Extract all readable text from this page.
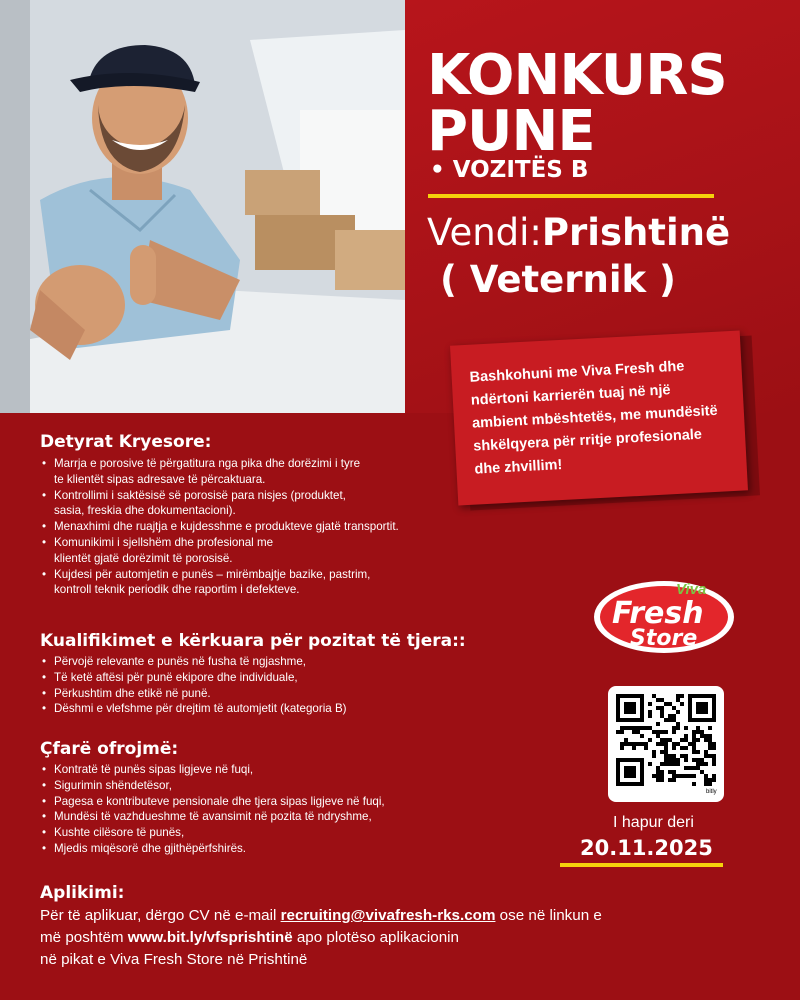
KONKURS
PUNE
• VOZITËS B
Vendi:Prishtinë
( Veternik )
Bashkohuni me Viva Fresh dhe ndërtoni karrierën tuaj në një ambient mbështetës, me mundësitë shkëlqyera për rritje profesionale dhe zhvillim!
Detyrat Kryesore:
• Marrja e porosive të përgatitura nga pika dhe dorëzimi i tyre te klientët sipas adresave të përcaktuara.
• Kontrollimi i saktësisë së porosisë para nisjes (produktet, sasia, freskia dhe dokumentacioni).
• Menaxhimi dhe ruajtja e kujdesshme e produkteve gjatë transportit.
• Komunikimi i sjellshëm dhe profesional me klientët gjatë dorëzimit të porosisë.
• Kujdesi për automjetin e punës – mirëmbajtje bazike, pastrim, kontroll teknik periodik dhe raportim i defekteve.
Kualifikimet e kërkuara për pozitat të tjera::
• Përvojë relevante e punës në fusha të ngjashme,
• Të ketë aftësi për punë ekipore dhe individuale,
• Përkushtim dhe etikë në punë.
• Dëshmi e vlefshme për drejtim të automjetit (kategoria B)
Çfarë ofrojmë:
• Kontratë të punës sipas ligjeve në fuqi,
• Sigurimin shëndetësor,
• Pagesa e kontributeve pensionale dhe tjera sipas ligjeve në fuqi,
• Mundësi të vazhdueshme të avansimit në pozita të ndryshme,
• Kushte cilësore të punës,
• Mjedis miqësorë dhe gjithëpërfshirës.
Viva
Fresh
Store
bitly
I hapur deri
20.11.2025
Aplikimi:
Për të aplikuar, dërgo CV në e-mail recruiting@vivafresh-rks.com ose në linkun e
më poshtëm www.bit.ly/vfsprishtinë apo plotëso aplikacionin
në pikat e Viva Fresh Store në Prishtinë
